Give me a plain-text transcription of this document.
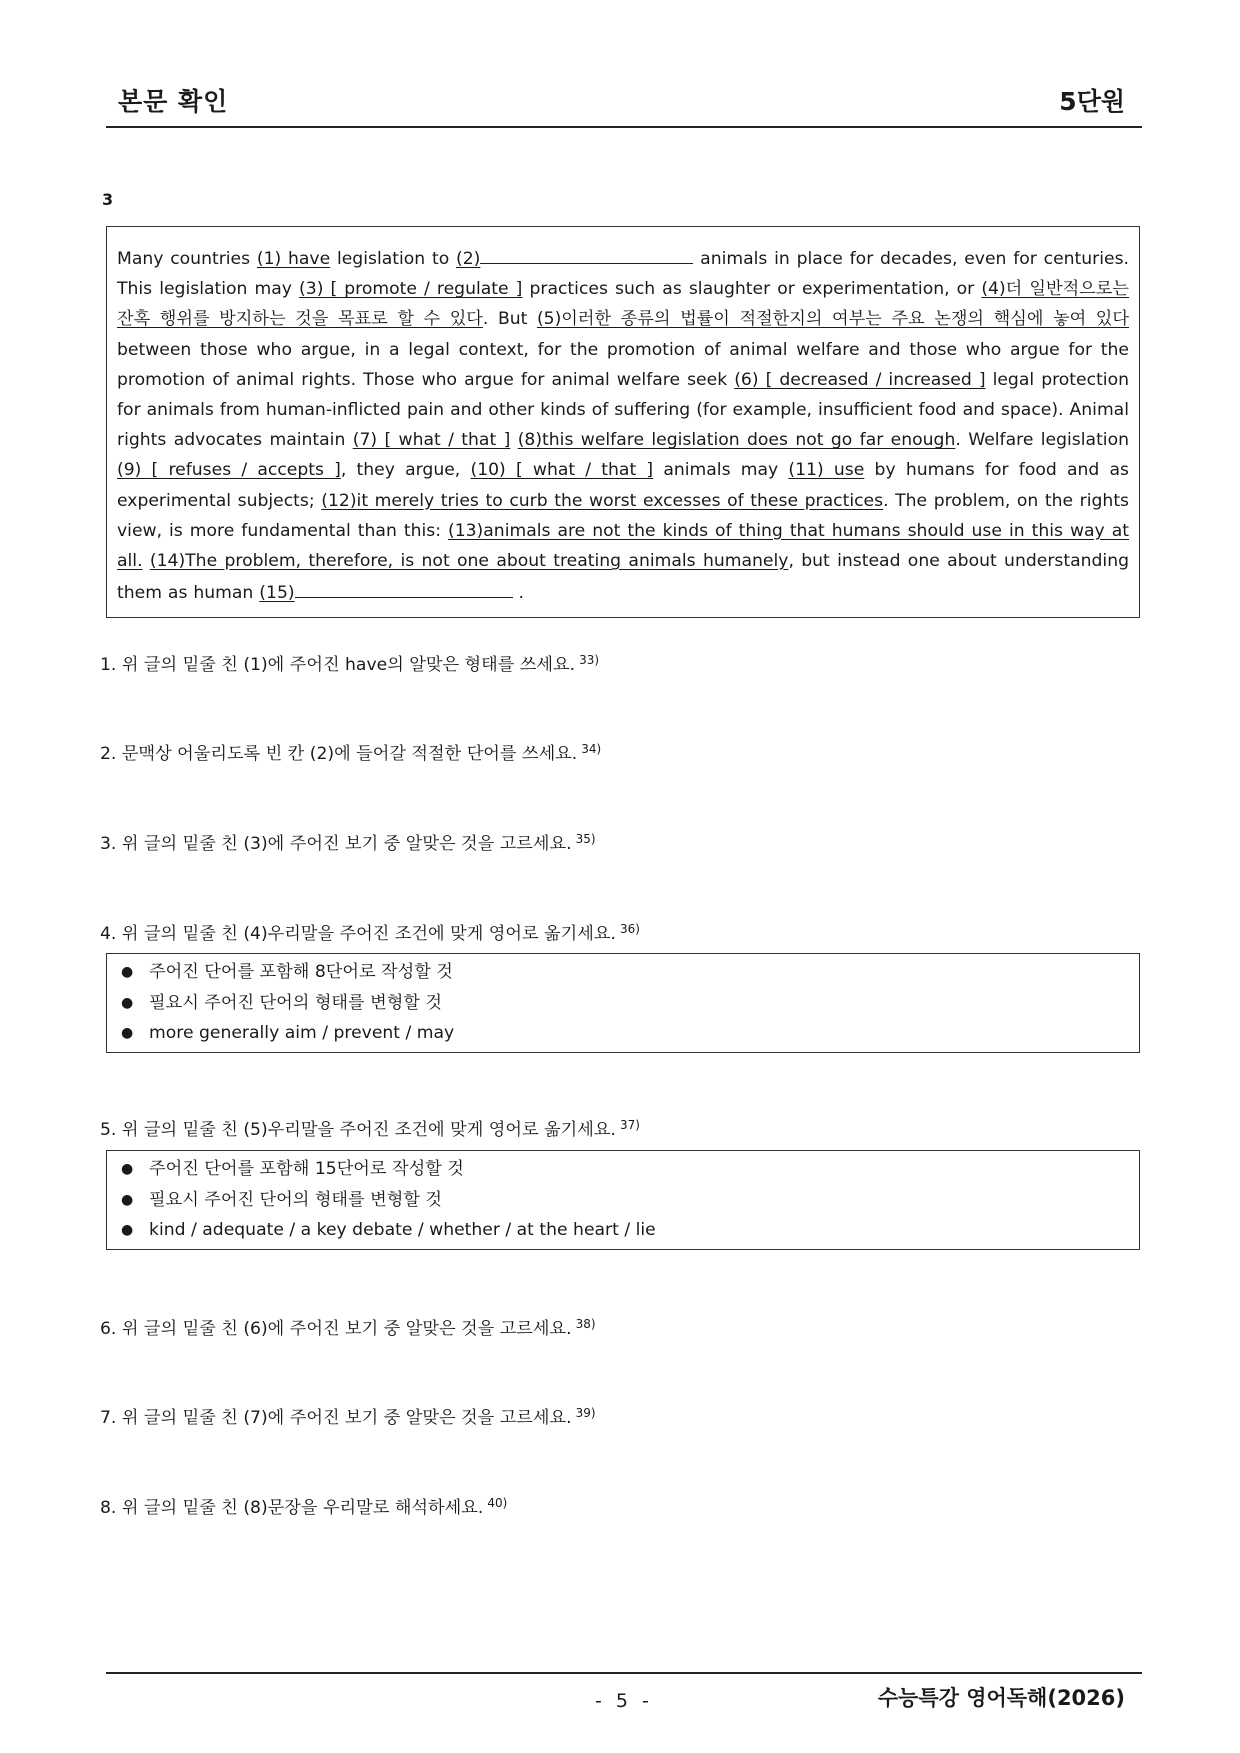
본문 확인	5단원
3
Many countries (1) have legislation to (2)	animals in place for decades, even for centuries. This legislation may (3) [ promote / regulate ] practices such as slaughter or experimentation, or (4)더 일반적으로는 잔혹 행위를 방지하는 것을 목표로 할 수 있다. But (5)이러한 종류의 법률이 적절한지의 여부는 주요 논쟁의 핵심에 놓여 있다 between those who argue, in a legal context, for the promotion of animal welfare and those who argue for the promotion of animal rights. Those who argue for animal welfare seek (6) [ decreased / increased ] legal protection for animals from human-inflicted pain and other kinds of suffering (for example, insufficient food and space). Animal rights advocates maintain (7) [ what / that ] (8)this welfare legislation does not go far enough. Welfare legislation (9) [ refuses / accepts ], they argue, (10) [ what / that ] animals may (11) use by humans for food and as experimental subjects; (12)it merely tries to curb the worst excesses of these practices. The problem, on the rights view, is more fundamental than this: (13)animals are not the kinds of thing that humans should use in this way at all. (14)The problem, therefore, is not one about treating animals humanely, but instead one about understanding them as human (15)	.
1. 위 글의 밑줄 친 (1)에 주어진 have의 알맞은 형태를 쓰세요. $^{33)}$
2. 문맥상 어울리도록 빈 칸 (2)에 들어갈 적절한 단어를 쓰세요. $^{34)}$
3. 위 글의 밑줄 친 (3)에 주어진 보기 중 알맞은 것을 고르세요. $^{35)}$
4. 위 글의 밑줄 친 (4)우리말을 주어진 조건에 맞게 영어로 옮기세요. $^{36)}$
● 주어진 단어를 포함해 8단어로 작성할 것
● 필요시 주어진 단어의 형태를 변형할 것
● more generally aim / prevent / may
5. 위 글의 밑줄 친 (5)우리말을 주어진 조건에 맞게 영어로 옮기세요. $^{37)}$
● 주어진 단어를 포함해 15단어로 작성할 것
● 필요시 주어진 단어의 형태를 변형할 것
● kind / adequate / a key debate / whether / at the heart / lie
6. 위 글의 밑줄 친 (6)에 주어진 보기 중 알맞은 것을 고르세요. $^{38)}$
7. 위 글의 밑줄 친 (7)에 주어진 보기 중 알맞은 것을 고르세요. $^{39)}$
8. 위 글의 밑줄 친 (8)문장을 우리말로 해석하세요. $^{40)}$
- 5 -	수능특강 영어독해(2026)
